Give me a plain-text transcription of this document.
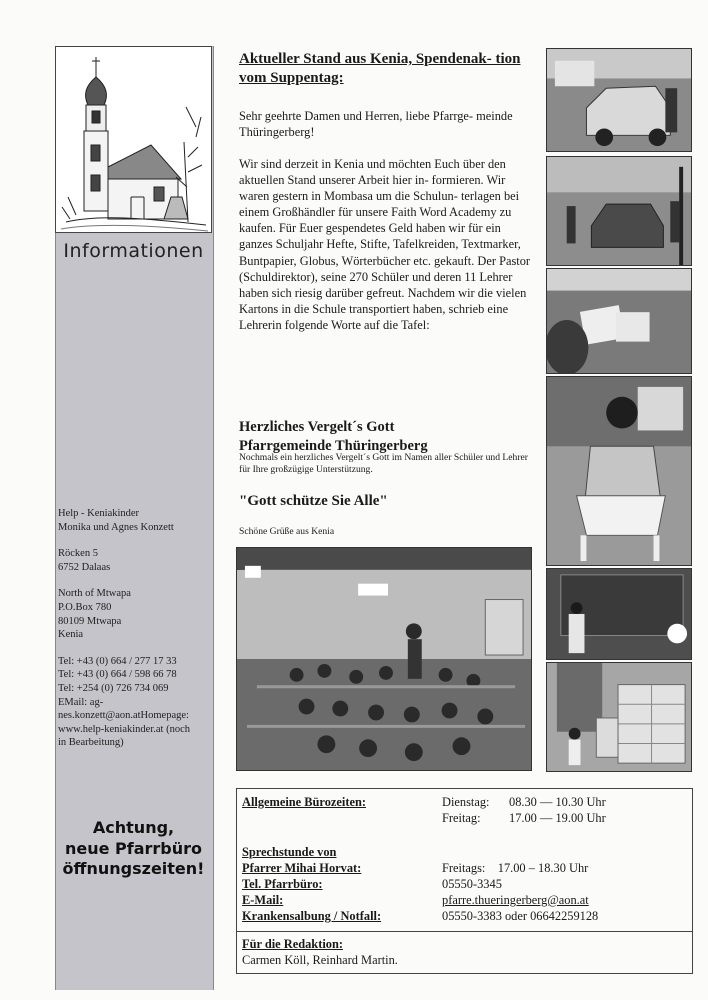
Informationen
Help - Keniakinder
Monika und Agnes Konzett
Röcken 5
6752 Dalaas
North of Mtwapa
P.O.Box 780
80109 Mtwapa
Kenia
Tel: +43 (0) 664 / 277 17 33
Tel: +43 (0) 664 / 598 66 78
Tel: +254 (0) 726 734 069
EMail: ag-
nes.konzett@aon.atHomepage:
www.help-keniakinder.at (noch
in Bearbeitung)
Achtung,
neue Pfarrbüro
öffnungszeiten!
Aktueller Stand aus Kenia, Spendenak- tion vom Suppentag:

Sehr geehrte Damen und Herren, liebe Pfarrge- meinde Thüringerberg!

Wir sind derzeit in Kenia und möchten Euch über den aktuellen Stand unserer Arbeit hier in- formieren. Wir waren gestern in Mombasa um die Schulun- terlagen bei einem Großhändler für unsere Faith Word Academy zu kaufen. Für Euer gespendetes Geld haben wir für ein ganzes Schuljahr Hefte, Stifte, Tafelkreiden, Textmarker, Buntpapier, Globus, Wörterbücher etc. gekauft. Der Pastor (Schuldirektor), seine 270 Schüler und deren 11 Lehrer haben sich riesig darüber gefreut. Nachdem wir die vielen Kartons in die Schule transportiert haben, schrieb eine Lehrerin folgende Worte auf die Tafel:

Herzliches Vergelt´s Gott
Pfarrgemeinde Thüringerberg
Nochmals ein herzliches Vergelt´s Gott im Namen aller Schüler und Lehrer für Ihre großzügige Unterstützung.
"Gott schütze Sie Alle"
Schöne Grüße aus Kenia
Allgemeine Bürozeiten:	Dienstag: 08.30 — 10.30 Uhr
Freitag: 17.00 — 19.00 Uhr
Sprechstunde von
Pfarrer Mihai Horvat:	Freitags:    17.00 – 18.30 Uhr
Tel. Pfarrbüro:	05550-3345
E-Mail:	pfarre.thueringerberg@aon.at
Krankensalbung / Notfall:	05550-3383 oder 06642259128
Für die Redaktion:
Carmen Köll, Reinhard Martin.
